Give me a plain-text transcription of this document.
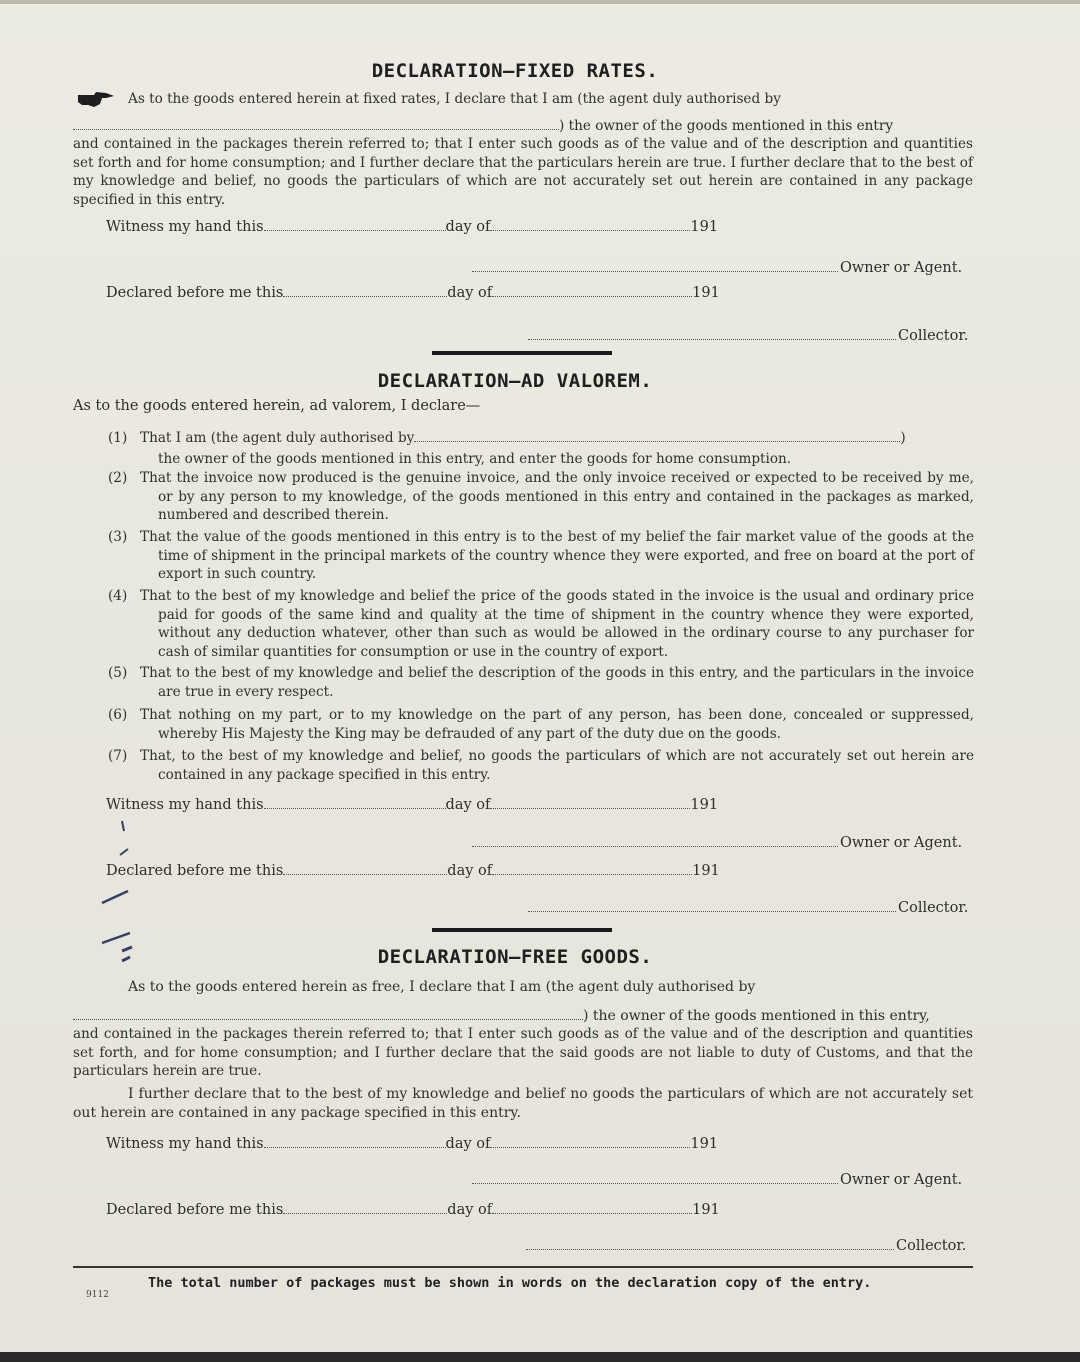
DECLARATION—FIXED RATES.
As to the goods entered herein at fixed rates, I declare that I am (the agent duly authorised by
) the owner of the goods mentioned in this entry
and contained in the packages therein referred to; that I enter such goods as of the value and of the description and quantities set forth and for home consumption; and I further declare that the particulars herein are true. I further declare that to the best of my knowledge and belief, no goods the particulars of which are not accurately set out herein are contained in any package specified in this entry.
Witness my hand this	day of	191
Owner or Agent.
Declared before me this	day of	191
Collector.
DECLARATION—AD VALOREM.
As to the goods entered herein, ad valorem, I declare—
(1) That I am (the agent duly authorised by	)
the owner of the goods mentioned in this entry, and enter the goods for home consumption.
(2) That the invoice now produced is the genuine invoice, and the only invoice received or expected to be received by me, or by any person to my knowledge, of the goods mentioned in this entry and contained in the packages as marked, numbered and described therein.
(3) That the value of the goods mentioned in this entry is to the best of my belief the fair market value of the goods at the time of shipment in the principal markets of the country whence they were exported, and free on board at the port of export in such country.
(4) That to the best of my knowledge and belief the price of the goods stated in the invoice is the usual and ordinary price paid for goods of the same kind and quality at the time of shipment in the country whence they were exported, without any deduction whatever, other than such as would be allowed in the ordinary course to any purchaser for cash of similar quantities for consumption or use in the country of export.
(5) That to the best of my knowledge and belief the description of the goods in this entry, and the particulars in the invoice are true in every respect.
(6) That nothing on my part, or to my knowledge on the part of any person, has been done, concealed or suppressed, whereby His Majesty the King may be defrauded of any part of the duty due on the goods.
(7) That, to the best of my knowledge and belief, no goods the particulars of which are not accurately set out herein are contained in any package specified in this entry.
Witness my hand this	day of	191
Owner or Agent.
Declared before me this	day of	191
Collector.
DECLARATION—FREE GOODS.
As to the goods entered herein as free, I declare that I am (the agent duly authorised by
) the owner of the goods mentioned in this entry,
and contained in the packages therein referred to; that I enter such goods as of the value and of the description and quantities set forth, and for home consumption; and I further declare that the said goods are not liable to duty of Customs, and that the particulars herein are true.
I further declare that to the best of my knowledge and belief no goods the particulars of which are not accurately set out herein are contained in any package specified in this entry.
Witness my hand this	day of	191
Owner or Agent.
Declared before me this	day of	191
Collector.
The total number of packages must be shown in words on the declaration copy of the entry.
9112
